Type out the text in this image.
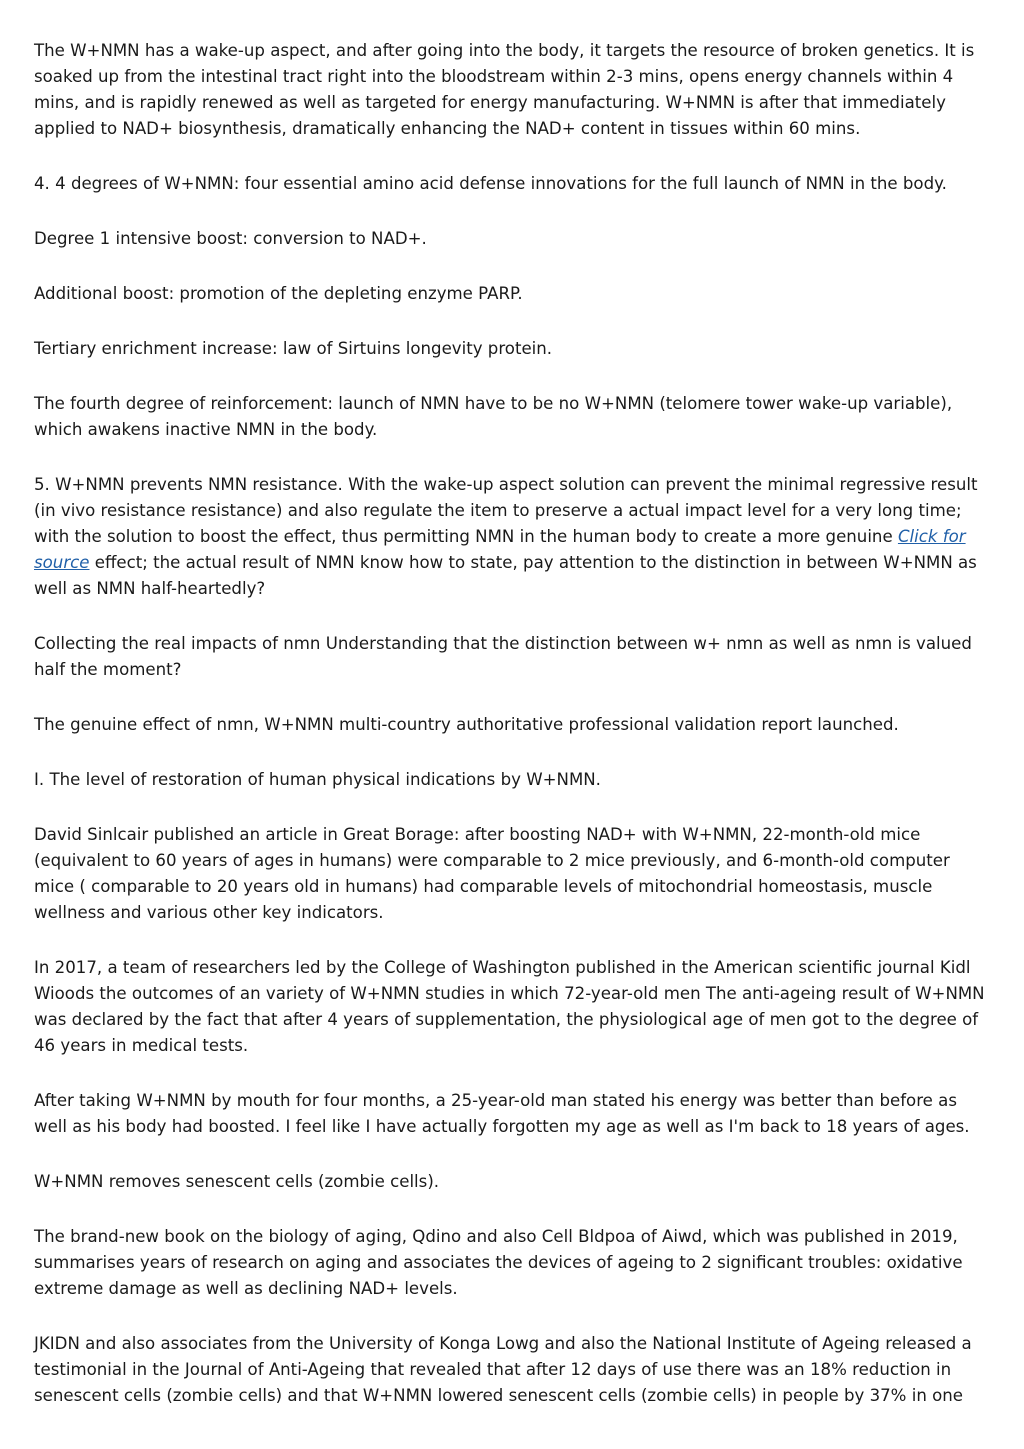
The W+NMN has a wake-up aspect, and after going into the body, it targets the resource of broken genetics. It is soaked up from the intestinal tract right into the bloodstream within 2-3 mins, opens energy channels within 4 mins, and is rapidly renewed as well as targeted for energy manufacturing. W+NMN is after that immediately applied to NAD+ biosynthesis, dramatically enhancing the NAD+ content in tissues within 60 mins.

4. 4 degrees of W+NMN: four essential amino acid defense innovations for the full launch of NMN in the body.

Degree 1 intensive boost: conversion to NAD+.

Additional boost: promotion of the depleting enzyme PARP.

Tertiary enrichment increase: law of Sirtuins longevity protein.

The fourth degree of reinforcement: launch of NMN have to be no W+NMN (telomere tower wake-up variable), which awakens inactive NMN in the body.

5. W+NMN prevents NMN resistance. With the wake-up aspect solution can prevent the minimal regressive result (in vivo resistance resistance) and also regulate the item to preserve a actual impact level for a very long time; with the solution to boost the effect, thus permitting NMN in the human body to create a more genuine Click for source effect; the actual result of NMN know how to state, pay attention to the distinction in between W+NMN as well as NMN half-heartedly?

Collecting the real impacts of nmn Understanding that the distinction between w+ nmn as well as nmn is valued half the moment?

The genuine effect of nmn, W+NMN multi-country authoritative professional validation report launched.

I. The level of restoration of human physical indications by W+NMN.

David Sinlcair published an article in Great Borage: after boosting NAD+ with W+NMN, 22-month-old mice (equivalent to 60 years of ages in humans) were comparable to 2 mice previously, and 6-month-old computer mice ( comparable to 20 years old in humans) had comparable levels of mitochondrial homeostasis, muscle wellness and various other key indicators.

In 2017, a team of researchers led by the College of Washington published in the American scientific journal Kidl Wioods the outcomes of an variety of W+NMN studies in which 72-year-old men The anti-ageing result of W+NMN was declared by the fact that after 4 years of supplementation, the physiological age of men got to the degree of 46 years in medical tests.

After taking W+NMN by mouth for four months, a 25-year-old man stated his energy was better than before as well as his body had boosted. I feel like I have actually forgotten my age as well as I'm back to 18 years of ages.

W+NMN removes senescent cells (zombie cells).

The brand-new book on the biology of aging, Qdino and also Cell Bldpoa of Aiwd, which was published in 2019, summarises years of research on aging and associates the devices of ageing to 2 significant troubles: oxidative extreme damage as well as declining NAD+ levels.

JKIDN and also associates from the University of Konga Lowg and also the National Institute of Ageing released a testimonial in the Journal of Anti-Ageing that revealed that after 12 days of use there was an 18% reduction in senescent cells (zombie cells) and that W+NMN lowered senescent cells (zombie cells) in people by 37% in one
